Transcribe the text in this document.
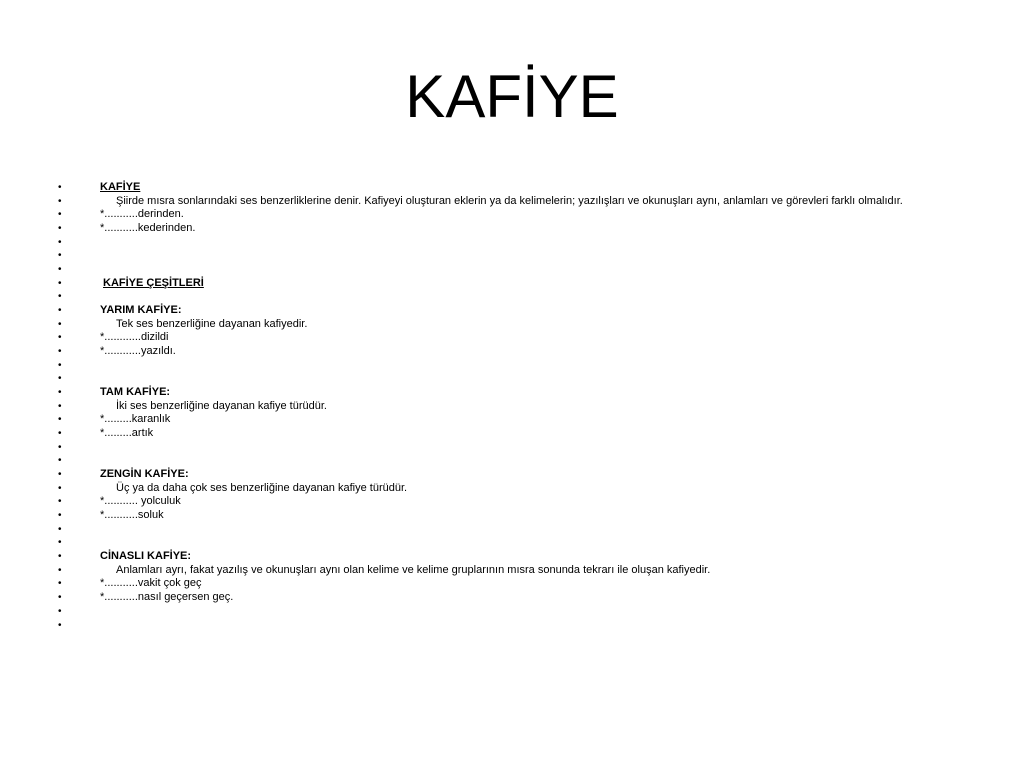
KAFİYE
•	KAFİYE
•	Şiirde mısra sonlarındaki ses benzerliklerine denir. Kafiyeyi oluşturan eklerin ya da kelimelerin; yazılışları ve okunuşları aynı, anlamları ve görevleri farklı olmalıdır.
•	*...........derinden.
•	*...........kederinden.
•
•
•
•	KAFİYE ÇEŞİTLERİ
•
•	YARIM KAFİYE:
•	Tek ses benzerliğine dayanan kafiyedir.
•	*............dizildi
•	*............yazıldı.
•
•
•	TAM KAFİYE:
•	İki ses benzerliğine dayanan kafiye türüdür.
•	*.........karanlık
•	*.........artık
•
•
•	ZENGİN KAFİYE:
•	Üç ya da daha çok ses benzerliğine dayanan kafiye türüdür.
•	*........... yolculuk
•	*...........soluk
•
•
•	CİNASLI KAFİYE:
•	Anlamları ayrı, fakat yazılış ve okunuşları aynı olan kelime ve kelime gruplarının mısra sonunda tekrarı ile oluşan kafiyedir.
•	*...........vakit çok geç
•	*...........nasıl geçersen geç.
•
•
